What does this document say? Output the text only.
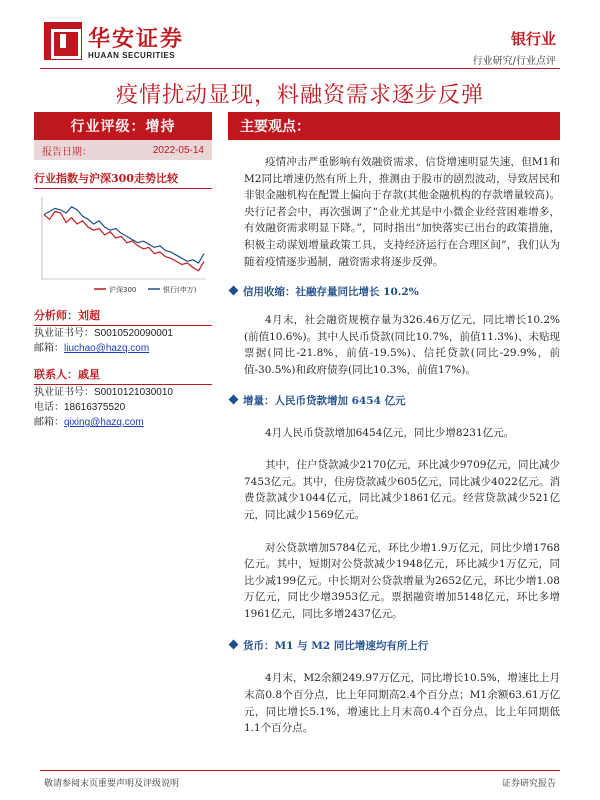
华安证券
HUAAN SECURITIES
银行业
行业研究/行业点评
疫情扰动显现，料融资需求逐步反弹
行业评级：增持
报告日期：	2022-05-14
行业指数与沪深300走势比较
沪深300	银行(申万)
分析师：刘超
执业证书号：S0010520090001
邮箱：liuchao@hazq.com
联系人：戚星
执业证书号：S0010121030010
电话：18616375520
邮箱：qixing@hazq.com
主要观点：

疫情冲击严重影响有效融资需求，信贷增速明显失速，但M1和M2同比增速仍然有所上升，推测由于股市的剧烈波动，导致居民和非银金融机构在配置上偏向于存款(其他金融机构的存款增量较高)。央行记者会中，再次强调了“企业尤其是中小微企业经营困难增多，有效融资需求明显下降。”，同时指出“加快落实已出台的政策措施，积极主动谋划增量政策工具，支持经济运行在合理区间”，我们认为随着疫情逐步遏制，融资需求将逐步反弹。

信用收缩：社融存量同比增长 10.2%

4月末，社会融资规模存量为326.46万亿元，同比增长10.2%(前值10.6%)。其中人民币贷款(同比10.7%，前值11.3%)、未贴现票据(同比-21.8%，前值-19.5%)、信托贷款(同比-29.9%，前值-30.5%)和政府债券(同比10.3%，前值17%)。

增量：人民币贷款增加 6454 亿元

4月人民币贷款增加6454亿元，同比少增8231亿元。

其中，住户贷款减少2170亿元，环比减少9709亿元，同比减少7453亿元。其中，住房贷款减少605亿元，同比减少4022亿元。消费贷款减少1044亿元，同比减少1861亿元。经营贷款减少521亿元，同比减少1569亿元。

对公贷款增加5784亿元，环比少增1.9万亿元，同比少增1768亿元。其中，短期对公贷款减少1948亿元，环比减少1万亿元，同比少减199亿元。中长期对公贷款增量为2652亿元，环比少增1.08万亿元，同比少增3953亿元。票据融资增加5148亿元，环比多增1961亿元，同比多增2437亿元。

货币：M1 与 M2 同比增速均有所上行

4月末，M2余额249.97万亿元，同比增长10.5%，增速比上月末高0.8个百分点，比上年同期高2.4个百分点；M1余额63.61万亿元，同比增长5.1%，增速比上月末高0.4个百分点，比上年同期低1.1个百分点。

敬请参阅末页重要声明及评级说明	证券研究报告
